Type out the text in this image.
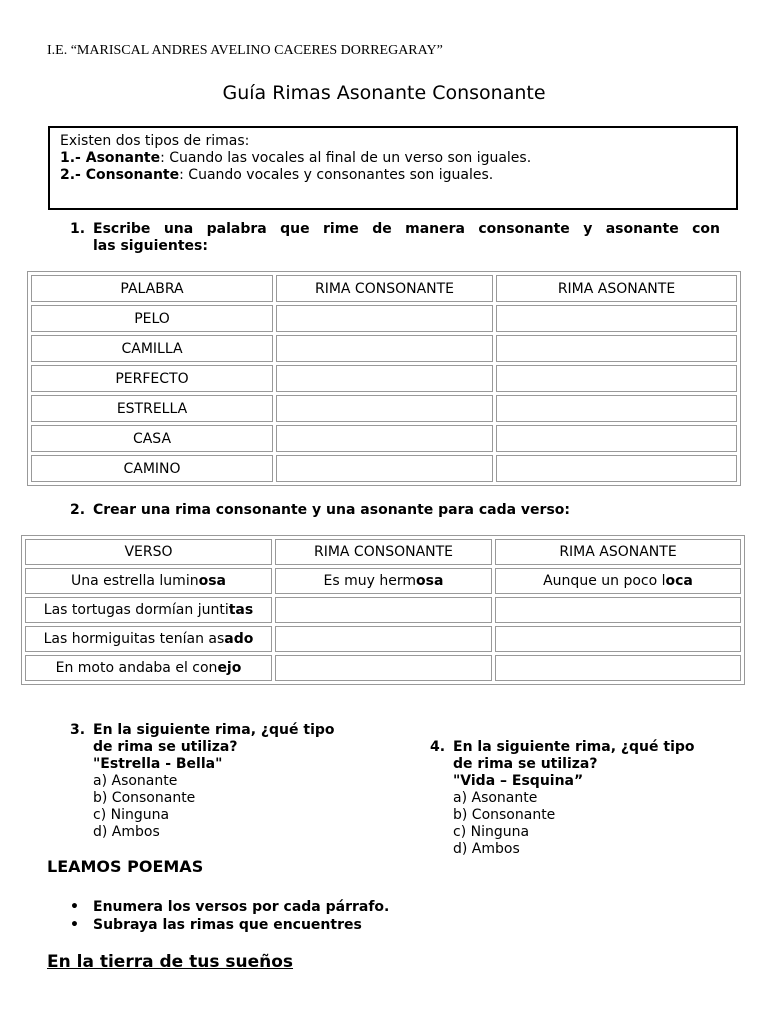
I.E. “MARISCAL ANDRES AVELINO CACERES DORREGARAY”
Guía Rimas Asonante Consonante
Existen dos tipos de rimas:
1.- Asonante: Cuando las vocales al final de un verso son iguales.
2.- Consonante: Cuando vocales y consonantes son iguales.
1. Escribe una palabra que rime de manera consonante y asonante con
las siguientes:
PALABRA	RIMA CONSONANTE	RIMA ASONANTE
PELO		
CAMILLA		
PERFECTO		
ESTRELLA		
CASA		
CAMINO		
2. Crear una rima consonante y una asonante para cada verso:
VERSO	RIMA CONSONANTE	RIMA ASONANTE
Una estrella luminosa	Es muy hermosa	Aunque un poco loca
Las tortugas dormían juntitas		
Las hormiguitas tenían asado		
En moto andaba el conejo		
3. En la siguiente rima, ¿qué tipo
de rima se utiliza?
"Estrella - Bella"
a) Asonante
b) Consonante
c) Ninguna
d) Ambos
4. En la siguiente rima, ¿qué tipo
de rima se utiliza?
"Vida – Esquina”
a) Asonante
b) Consonante
c) Ninguna
d) Ambos
LEAMOS POEMAS
• Enumera los versos por cada párrafo.
• Subraya las rimas que encuentres
En la tierra de tus sueños
